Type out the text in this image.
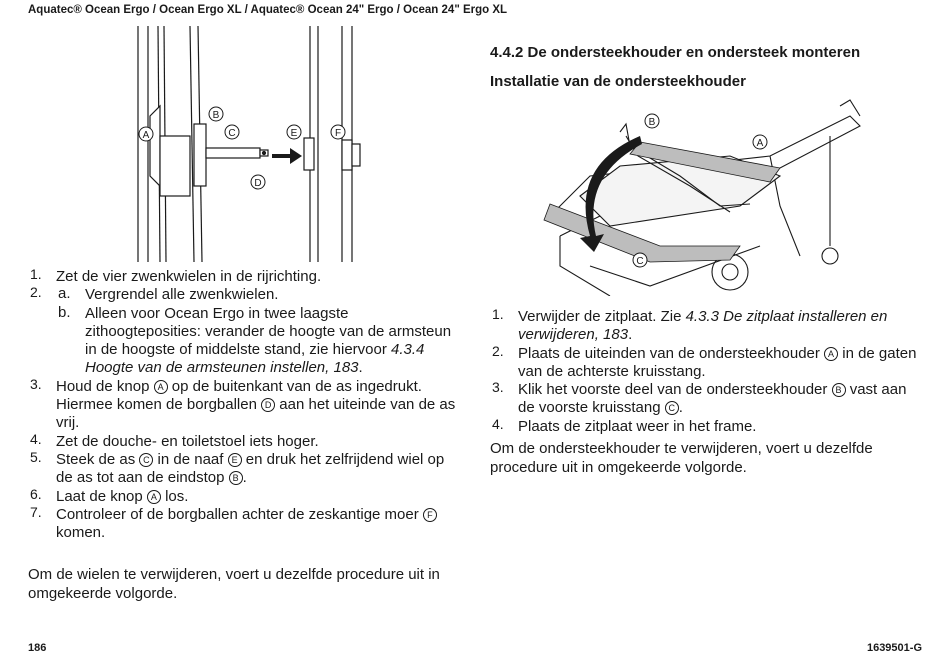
Aquatec® Ocean Ergo / Ocean Ergo XL / Aquatec® Ocean 24" Ergo / Ocean 24" Ergo XL
A
B
C
D
E	F
1. Zet de vier zwenkwielen in de rijrichting.
2. a. Vergrendel alle zwenkwielen.
b. Alleen voor Ocean Ergo in twee laagste zithoogteposities: verander de hoogte van de armsteun in de hoogste of middelste stand, zie hiervoor 4.3.4 Hoogte van de armsteunen instellen, 183.
3. Houd de knop A op de buitenkant van de as ingedrukt. Hiermee komen de borgballen D aan het uiteinde van de as vrij.
4. Zet de douche- en toiletstoel iets hoger.
5. Steek de as C in de naaf E en druk het zelfrijdend wiel op de as tot aan de eindstop B .
6. Laat de knop A los.
7. Controleer of de borgballen achter de zeskantige moer F komen.

Om de wielen te verwijderen, voert u dezelfde procedure uit in omgekeerde volgorde.

4.4.2 De ondersteekhouder en ondersteek monteren
Installatie van de ondersteekhouder
B
A
C
1. Verwijder de zitplaat. Zie 4.3.3 De zitplaat installeren en verwijderen, 183.
2. Plaats de uiteinden van de ondersteekhouder A in de gaten van de achterste kruisstang.
3. Klik het voorste deel van de ondersteekhouder B vast aan de voorste kruisstang C .
4. Plaats de zitplaat weer in het frame.

Om de ondersteekhouder te verwijderen, voert u dezelfde procedure uit in omgekeerde volgorde.

186	1639501-G
